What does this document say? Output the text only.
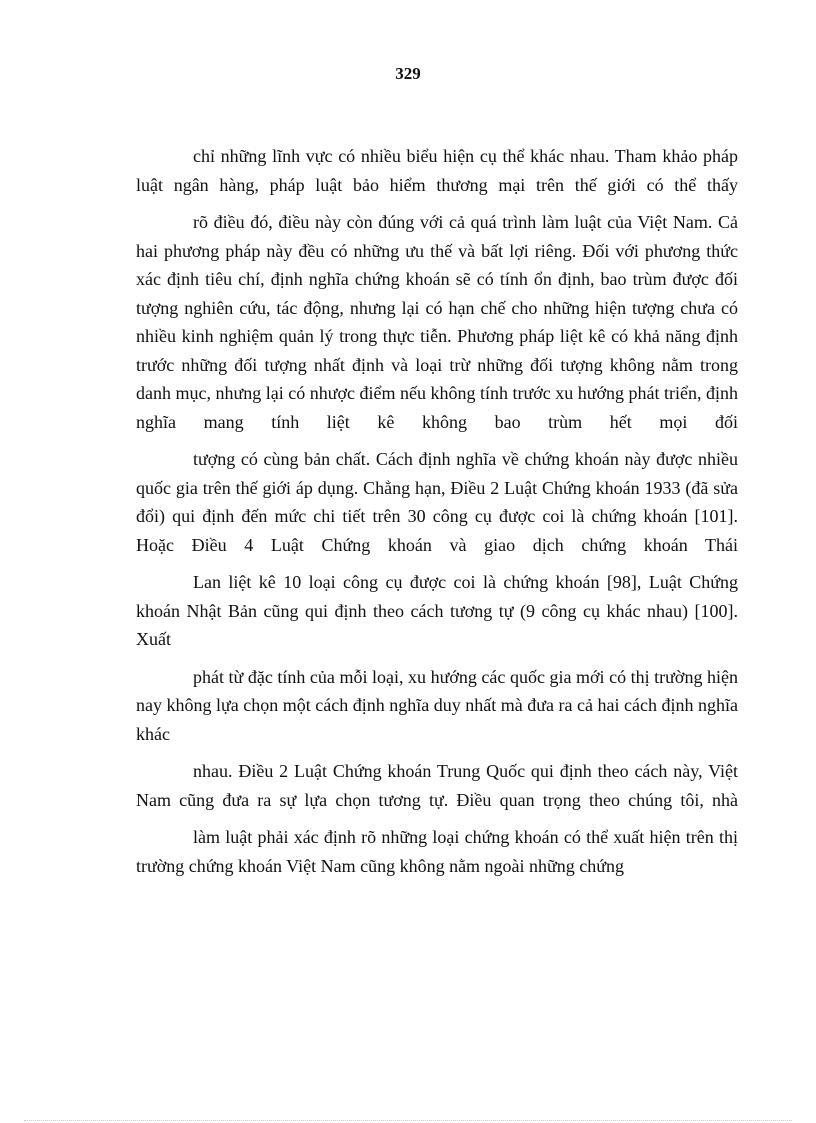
329

chỉ những lĩnh vực có nhiều biểu hiện cụ thể khác nhau. Tham khảo pháp luật ngân hàng, pháp luật bảo hiểm thương mại trên thế giới có thể thấy

rõ điều đó, điều này còn đúng với cả quá trình làm luật của Việt Nam. Cả hai phương pháp này đều có những ưu thế và bất lợi riêng. Đối với phương thức xác định tiêu chí, định nghĩa chứng khoán sẽ có tính ổn định, bao trùm được đối tượng nghiên cứu, tác động, nhưng lại có hạn chế cho những hiện tượng chưa có nhiều kinh nghiệm quản lý trong thực tiễn. Phương pháp liệt kê có khả năng định trước những đối tượng nhất định và loại trừ những đối tượng không nằm trong danh mục, nhưng lại có nhược điểm nếu không tính trước xu hướng phát triển, định nghĩa mang tính liệt kê không bao trùm hết mọi đối

tượng có cùng bản chất. Cách định nghĩa về chứng khoán này được nhiều quốc gia trên thế giới áp dụng. Chẳng hạn, Điều 2 Luật Chứng khoán 1933 (đã sửa đổi) qui định đến mức chi tiết trên 30 công cụ được coi là chứng khoán [101]. Hoặc Điều 4 Luật Chứng khoán và giao dịch chứng khoán Thái

Lan liệt kê 10 loại công cụ được coi là chứng khoán [98], Luật Chứng khoán Nhật Bản cũng qui định theo cách tương tự (9 công cụ khác nhau) [100]. Xuất

phát từ đặc tính của mỗi loại, xu hướng các quốc gia mới có thị trường hiện nay không lựa chọn một cách định nghĩa duy nhất mà đưa ra cả hai cách định nghĩa khác

nhau. Điều 2 Luật Chứng khoán Trung Quốc qui định theo cách này, Việt Nam cũng đưa ra sự lựa chọn tương tự. Điều quan trọng theo chúng tôi, nhà

làm luật phải xác định rõ những loại chứng khoán có thể xuất hiện trên thị trường chứng khoán Việt Nam cũng không nằm ngoài những chứng
